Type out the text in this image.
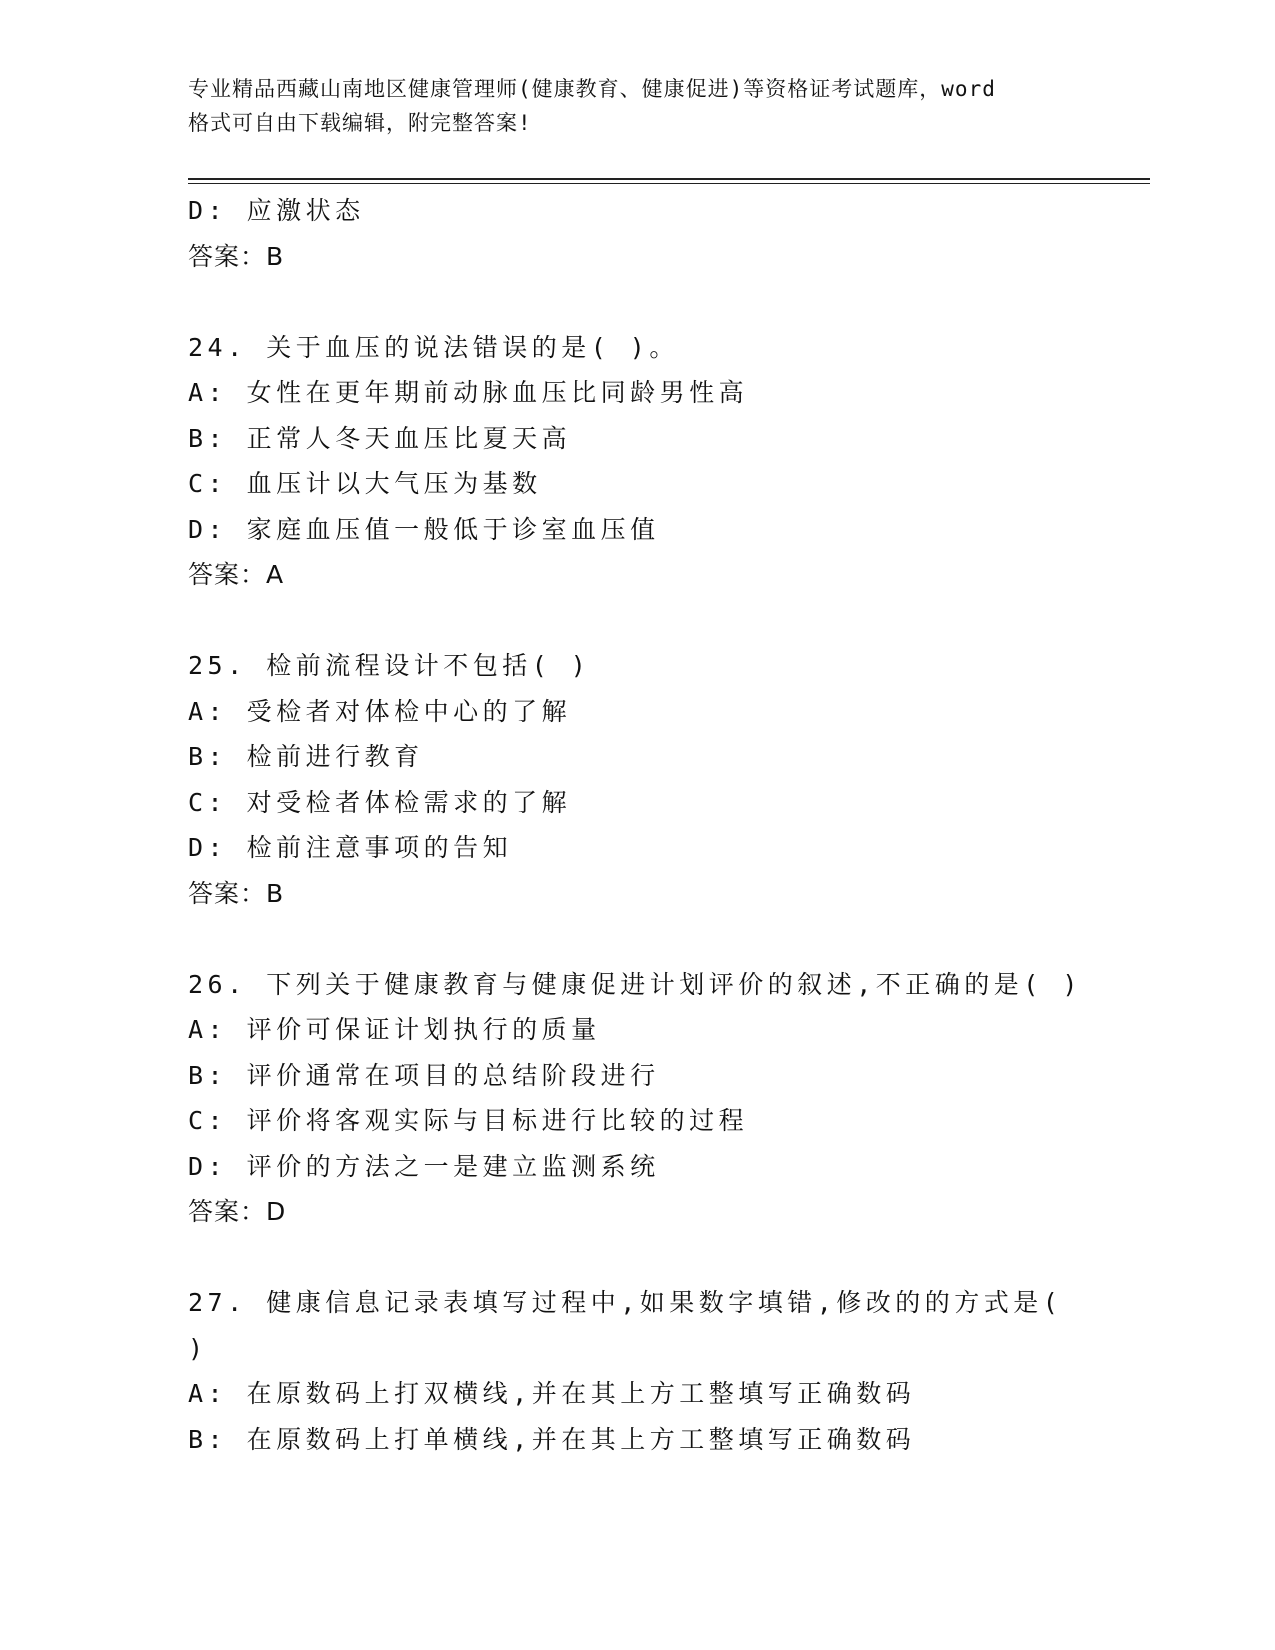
专业精品西藏山南地区健康管理师(健康教育、健康促进)等资格证考试题库，word
格式可自由下载编辑，附完整答案!
D: 应激状态
答案：B
24. 关于血压的说法错误的是( )。
A: 女性在更年期前动脉血压比同龄男性高
B: 正常人冬天血压比夏天高
C: 血压计以大气压为基数
D: 家庭血压值一般低于诊室血压值
答案：A
25. 检前流程设计不包括( )
A: 受检者对体检中心的了解
B: 检前进行教育
C: 对受检者体检需求的了解
D: 检前注意事项的告知
答案：B
26. 下列关于健康教育与健康促进计划评价的叙述,不正确的是( )
A: 评价可保证计划执行的质量
B: 评价通常在项目的总结阶段进行
C: 评价将客观实际与目标进行比较的过程
D: 评价的方法之一是建立监测系统
答案：D
27. 健康信息记录表填写过程中,如果数字填错,修改的的方式是(
)
A: 在原数码上打双横线,并在其上方工整填写正确数码
B: 在原数码上打单横线,并在其上方工整填写正确数码
